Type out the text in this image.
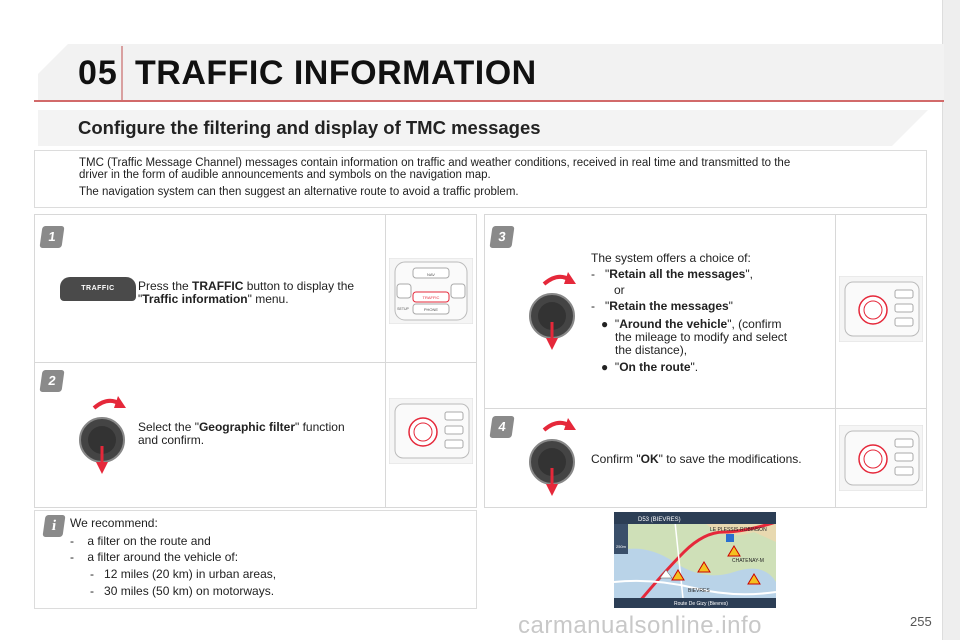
05 TRAFFIC INFORMATION
Configure the filtering and display of TMC messages

TMC (Traffic Message Channel) messages contain information on traffic and weather conditions, received in real time and transmitted to the

driver in the form of audible announcements and symbols on the navigation map.

The navigation system can then suggest an alternative route to avoid a traffic problem.

1
TRAFFIC	Press the TRAFFIC button to display the
"Traffic information" menu.
NAV
TRAFFIC
SETUP	PHONE
2
Select the "Geographic filter" function
and confirm.
3
The system offers a choice of:
- "Retain all the messages",
or
- "Retain the messages"
● "Around the vehicle", (confirm
the mileage to modify and select
the distance),
● "On the route".
4
Confirm "OK" to save the modifications.
i	We recommend:
- a filter on the route and
- a filter around the vehicle of:
- 12 miles (20 km) in urban areas,
- 30 miles (50 km) on motorways.
D53 (BIEVRES)
LE PLESSIS-ROBINSON
CHATENAY-M
BIEVRES
Route De Gizy (Bievres)
250m
carmanualsonline.info	255
